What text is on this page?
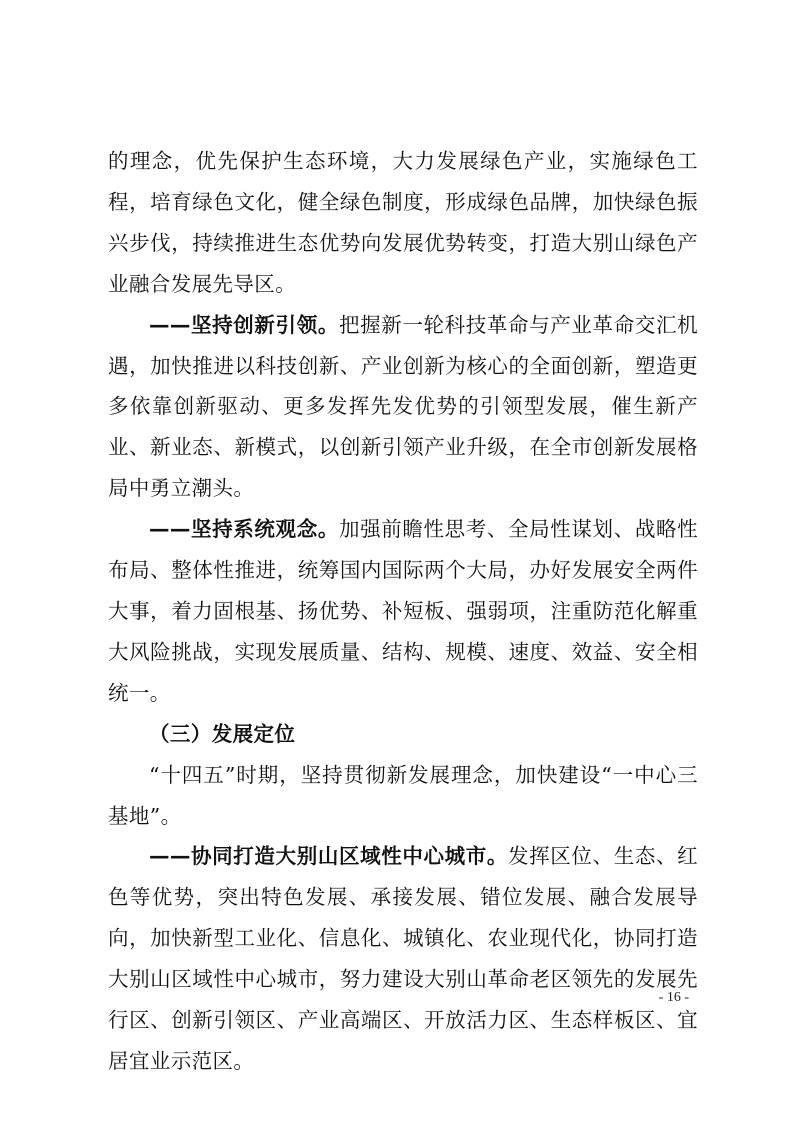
的理念，优先保护生态环境，大力发展绿色产业，实施绿色工程，培育绿色文化，健全绿色制度，形成绿色品牌，加快绿色振兴步伐，持续推进生态优势向发展优势转变，打造大别山绿色产业融合发展先导区。

——坚持创新引领。把握新一轮科技革命与产业革命交汇机遇，加快推进以科技创新、产业创新为核心的全面创新，塑造更多依靠创新驱动、更多发挥先发优势的引领型发展，催生新产业、新业态、新模式，以创新引领产业升级，在全市创新发展格局中勇立潮头。

——坚持系统观念。加强前瞻性思考、全局性谋划、战略性布局、整体性推进，统筹国内国际两个大局，办好发展安全两件大事，着力固根基、扬优势、补短板、强弱项，注重防范化解重大风险挑战，实现发展质量、结构、规模、速度、效益、安全相统一。

（三）发展定位

“十四五”时期，坚持贯彻新发展理念，加快建设“一中心三基地”。

——协同打造大别山区域性中心城市。发挥区位、生态、红色等优势，突出特色发展、承接发展、错位发展、融合发展导向，加快新型工业化、信息化、城镇化、农业现代化，协同打造大别山区域性中心城市，努力建设大别山革命老区领先的发展先行区、创新引领区、产业高端区、开放活力区、生态样板区、宜居宜业示范区。

- 16 -
